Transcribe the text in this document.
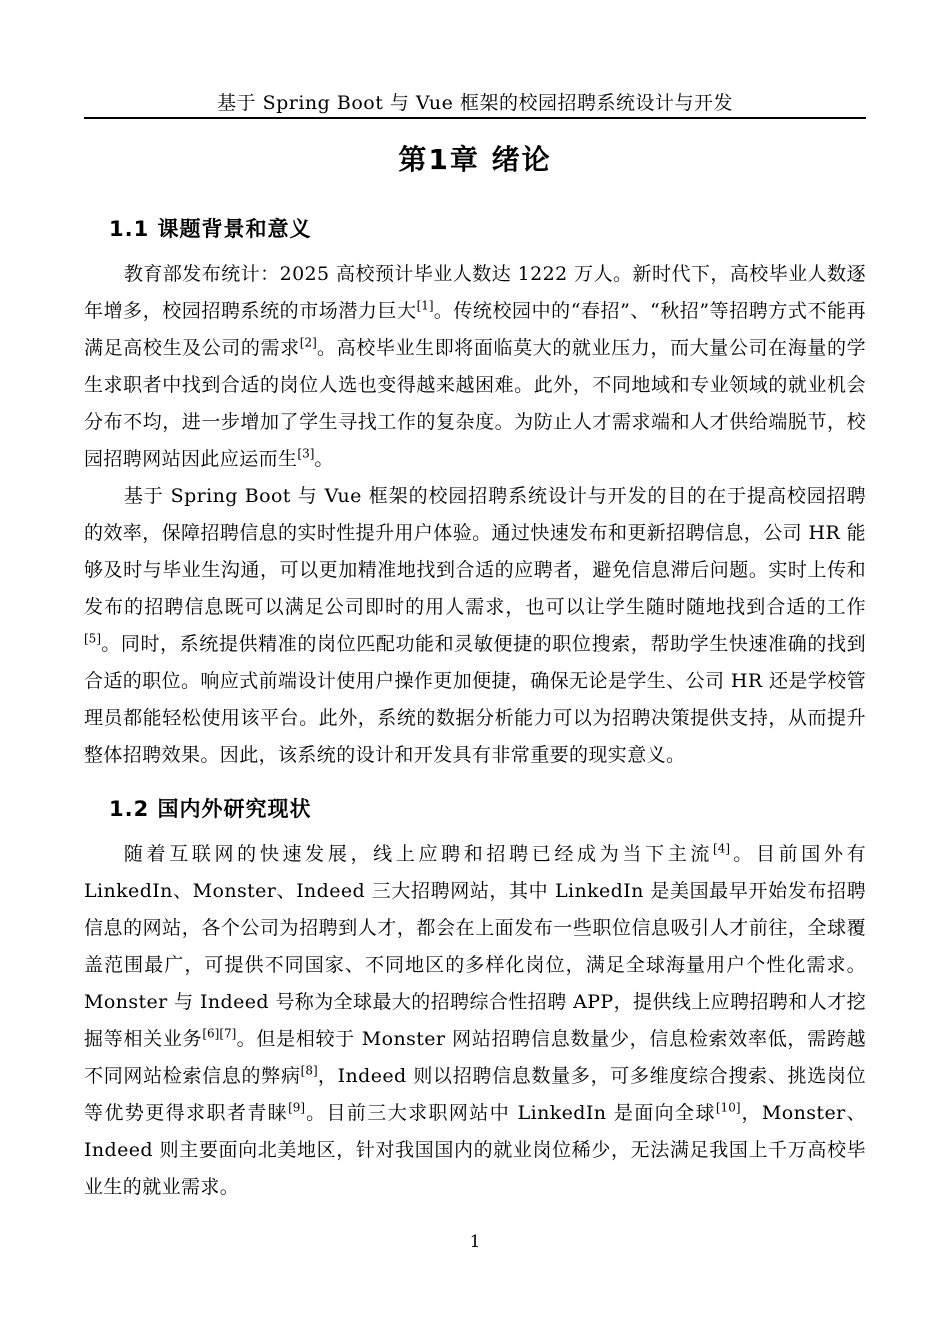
基于 Spring Boot 与 Vue 框架的校园招聘系统设计与开发
第1章 绪论
1.1 课题背景和意义

教育部发布统计：2025 高校预计毕业人数达 1222 万人。新时代下，高校毕业人数逐年增多，校园招聘系统的市场潜力巨大[1]。传统校园中的“春招”、“秋招”等招聘方式不能再满足高校生及公司的需求[2]。高校毕业生即将面临莫大的就业压力，而大量公司在海量的学生求职者中找到合适的岗位人选也变得越来越困难。此外，不同地域和专业领域的就业机会分布不均，进一步增加了学生寻找工作的复杂度。为防止人才需求端和人才供给端脱节，校园招聘网站因此应运而生[3]。

基于 Spring Boot 与 Vue 框架的校园招聘系统设计与开发的目的在于提高校园招聘的效率，保障招聘信息的实时性提升用户体验。通过快速发布和更新招聘信息，公司 HR 能够及时与毕业生沟通，可以更加精准地找到合适的应聘者，避免信息滞后问题。实时上传和发布的招聘信息既可以满足公司即时的用人需求，也可以让学生随时随地找到合适的工作[5]。同时，系统提供精准的岗位匹配功能和灵敏便捷的职位搜索，帮助学生快速准确的找到合适的职位。响应式前端设计使用户操作更加便捷，确保无论是学生、公司 HR 还是学校管理员都能轻松使用该平台。此外，系统的数据分析能力可以为招聘决策提供支持，从而提升整体招聘效果。因此，该系统的设计和开发具有非常重要的现实意义。

1.2 国内外研究现状

随着互联网的快速发展，线上应聘和招聘已经成为当下主流[4]。目前国外有 LinkedIn、Monster、Indeed 三大招聘网站，其中 LinkedIn 是美国最早开始发布招聘信息的网站，各个公司为招聘到人才，都会在上面发布一些职位信息吸引人才前往，全球覆盖范围最广，可提供不同国家、不同地区的多样化岗位，满足全球海量用户个性化需求。Monster 与 Indeed 号称为全球最大的招聘综合性招聘 APP，提供线上应聘招聘和人才挖掘等相关业务[6][7]。但是相较于 Monster 网站招聘信息数量少，信息检索效率低，需跨越不同网站检索信息的弊病[8]，Indeed 则以招聘信息数量多，可多维度综合搜索、挑选岗位等优势更得求职者青睐[9]。目前三大求职网站中 LinkedIn 是面向全球[10]，Monster、Indeed 则主要面向北美地区，针对我国国内的就业岗位稀少，无法满足我国上千万高校毕业生的就业需求。

1
